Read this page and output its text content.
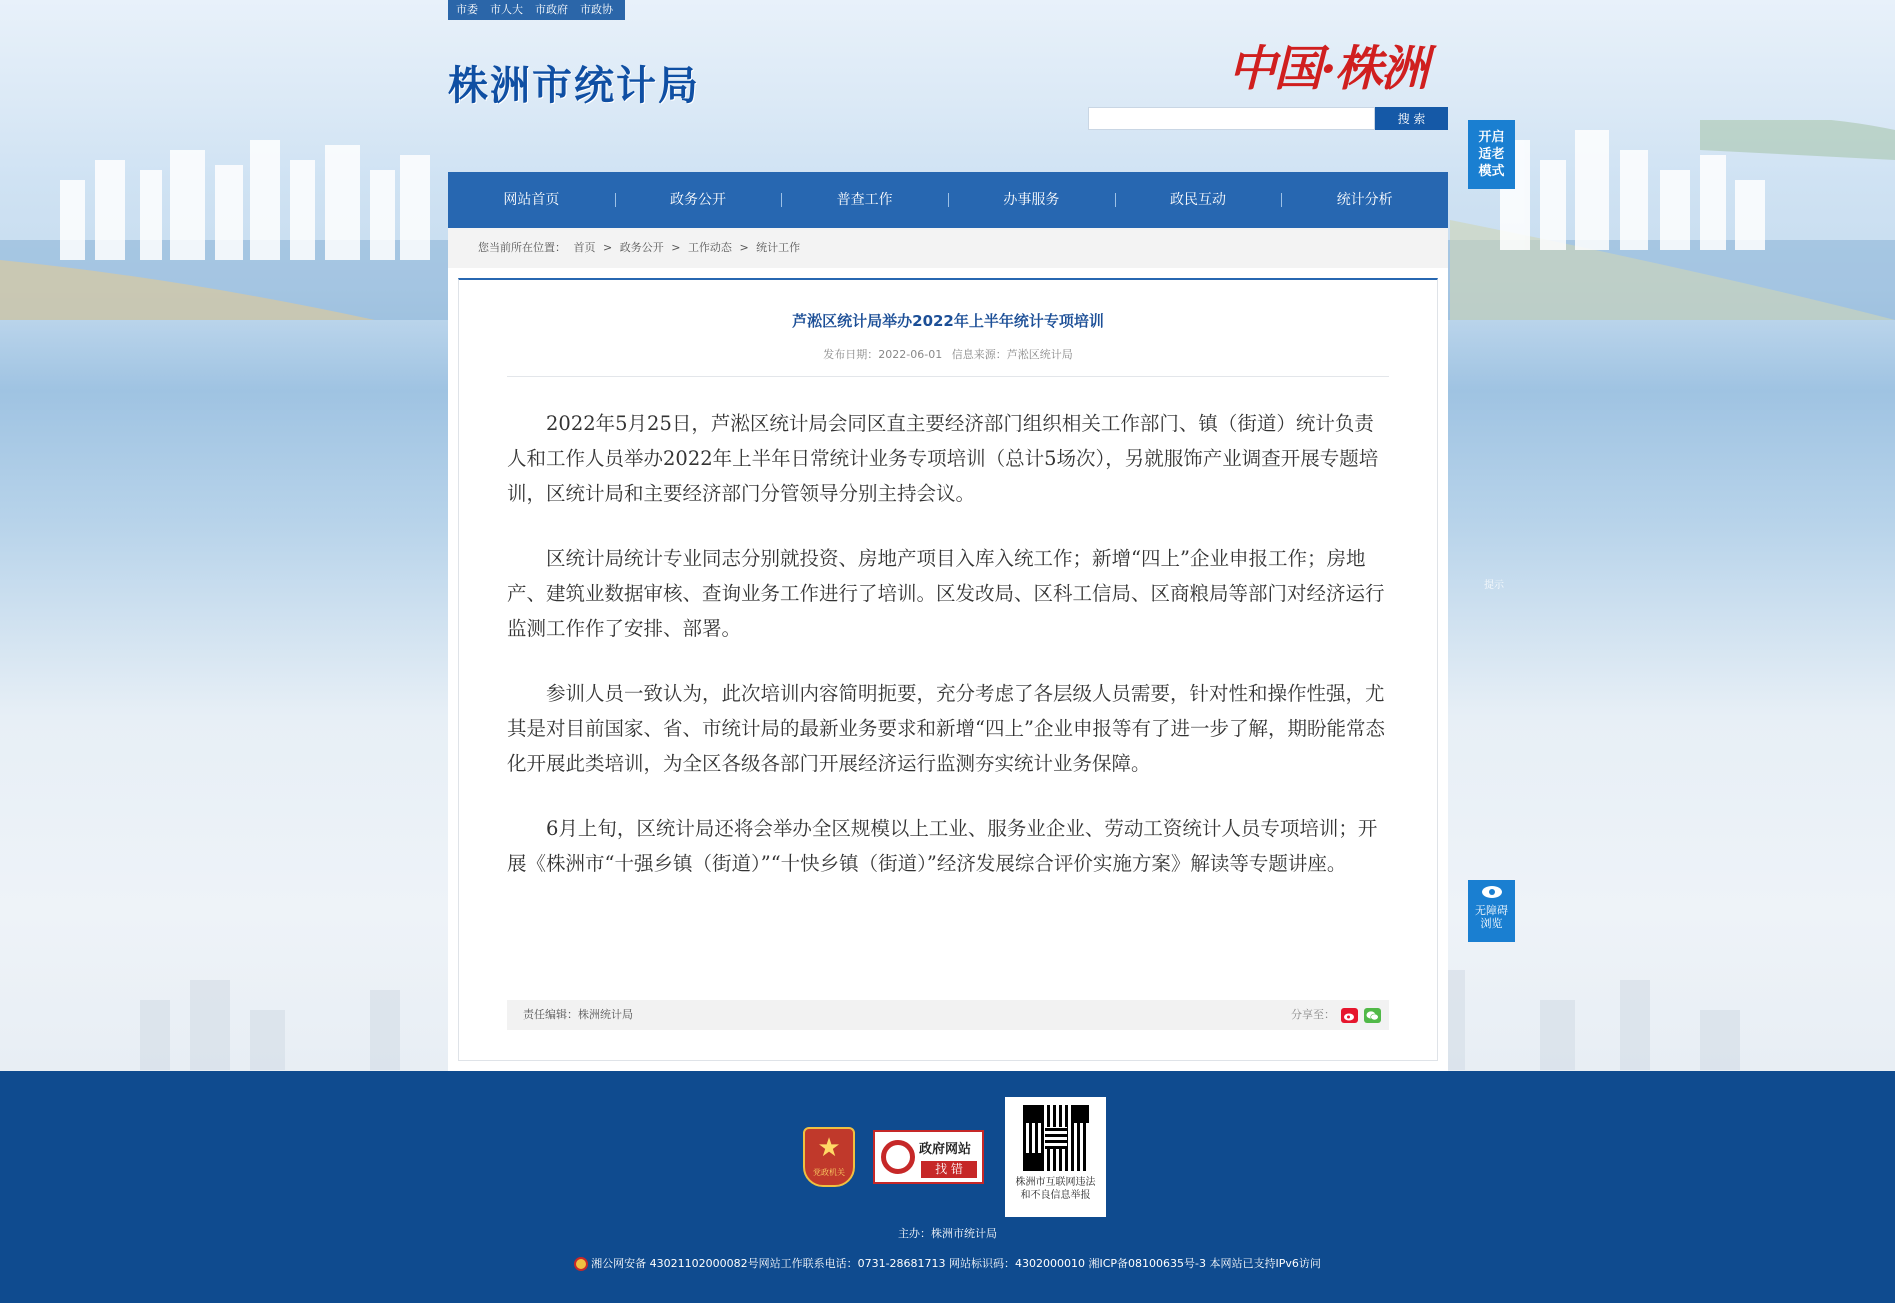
市委 市人大 市政府 市政协
株洲市统计局	中国·株洲
搜 索
开启
适老
模式
提示
网站首页	政务公开	普查工作	办事服务	政民互动	统计分析
您当前所在位置： 首页 > 政务公开 > 工作动态 > 统计工作
芦淞区统计局举办2022年上半年统计专项培训
发布日期：2022-06-01 信息来源：芦淞区统计局

2022年5月25日，芦淞区统计局会同区直主要经济部门组织相关工作部门、镇（街道）统计负责人和工作人员举办2022年上半年日常统计业务专项培训（总计5场次），另就服饰产业调查开展专题培训，区统计局和主要经济部门分管领导分别主持会议。

区统计局统计专业同志分别就投资、房地产项目入库入统工作；新增“四上”企业申报工作；房地产、建筑业数据审核、查询业务工作进行了培训。区发改局、区科工信局、区商粮局等部门对经济运行监测工作作了安排、部署。

参训人员一致认为，此次培训内容简明扼要，充分考虑了各层级人员需要，针对性和操作性强，尤其是对目前国家、省、市统计局的最新业务要求和新增“四上”企业申报等有了进一步了解，期盼能常态化开展此类培训，为全区各级各部门开展经济运行监测夯实统计业务保障。

6月上旬，区统计局还将会举办全区规模以上工业、服务业企业、劳动工资统计人员专项培训；开展《株洲市“十强乡镇（街道）”“十快乡镇（街道）”经济发展综合评价实施方案》解读等专题讲座。

责任编辑：株洲统计局	分享至：
无障碍
浏览
★
党政机关
政府网站
找 错
株洲市互联网违法
和不良信息举报
主办：株洲市统计局
湘公网安备 43021102000082号网站工作联系电话：0731-28681713 网站标识码：4302000010 湘ICP备08100635号-3 本网站已支持IPv6访问
